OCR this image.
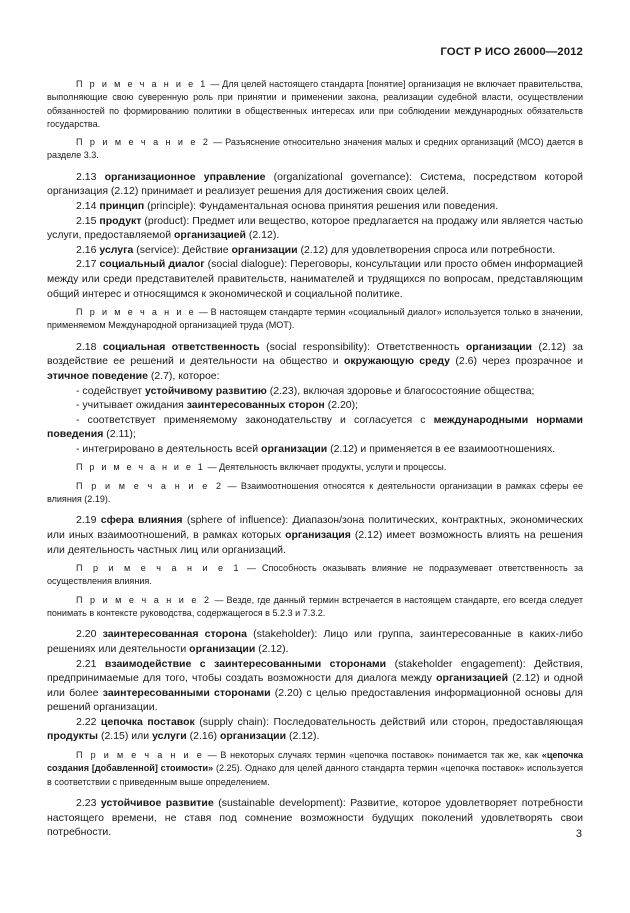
ГОСТ Р ИСО 26000—2012

П р и м е ч а н и е 1 — Для целей настоящего стандарта [понятие] организация не включает правительства, выполняющие свою суверенную роль при принятии и применении закона, реализации судебной власти, осуществлении обязанностей по формированию политики в общественных интересах или при соблюдении международных обязательств государства.

П р и м е ч а н и е 2 — Разъяснение относительно значения малых и средних организаций (МСО) дается в разделе 3.3.

2.13 организационное управление (organizational governance): Система, посредством которой организация (2.12) принимает и реализует решения для достижения своих целей.

2.14 принцип (principle): Фундаментальная основа принятия решения или поведения.

2.15 продукт (product): Предмет или вещество, которое предлагается на продажу или является частью услуги, предоставляемой организацией (2.12).

2.16 услуга (service): Действие организации (2.12) для удовлетворения спроса или потребности.

2.17 социальный диалог (social dialogue): Переговоры, консультации или просто обмен информацией между или среди представителей правительств, нанимателей и трудящихся по вопросам, представляющим общий интерес и относящимся к экономической и социальной политике.

П р и м е ч а н и е — В настоящем стандарте термин «социальный диалог» используется только в значении, применяемом Международной организацией труда (МОТ).

2.18 социальная ответственность (social responsibility): Ответственность организации (2.12) за воздействие ее решений и деятельности на общество и окружающую среду (2.6) через прозрачное и этичное поведение (2.7), которое:

- содействует устойчивому развитию (2.23), включая здоровье и благосостояние общества;

- учитывает ожидания заинтересованных сторон (2.20);

- соответствует применяемому законодательству и согласуется с международными нормами поведения (2.11);

- интегрировано в деятельность всей организации (2.12) и применяется в ее взаимоотношениях.

П р и м е ч а н и е 1 — Деятельность включает продукты, услуги и процессы.

П р и м е ч а н и е 2 — Взаимоотношения относятся к деятельности организации в рамках сферы ее влияния (2.19).

2.19 сфера влияния (sphere of influence): Диапазон/зона политических, контрактных, экономических или иных взаимоотношений, в рамках которых организация (2.12) имеет возможность влиять на решения или деятельность частных лиц или организаций.

П р и м е ч а н и е 1 — Способность оказывать влияние не подразумевает ответственность за осуществления влияния.

П р и м е ч а н и е 2 — Везде, где данный термин встречается в настоящем стандарте, его всегда следует понимать в контексте руководства, содержащегося в 5.2.3 и 7.3.2.

2.20 заинтересованная сторона (stakeholder): Лицо или группа, заинтересованные в каких-либо решениях или деятельности организации (2.12).

2.21 взаимодействие с заинтересованными сторонами (stakeholder engagement): Действия, предпринимаемые для того, чтобы создать возможности для диалога между организацией (2.12) и одной или более заинтересованными сторонами (2.20) с целью предоставления информационной основы для решений организации.

2.22 цепочка поставок (supply chain): Последовательность действий или сторон, предоставляющая продукты (2.15) или услуги (2.16) организации (2.12).

П р и м е ч а н и е — В некоторых случаях термин «цепочка поставок» понимается так же, как «цепочка создания [добавленной] стоимости» (2.25). Однако для целей данного стандарта термин «цепочка поставок» используется в соответствии с приведенным выше определением.

2.23 устойчивое развитие (sustainable development): Развитие, которое удовлетворяет потребности настоящего времени, не ставя под сомнение возможности будущих поколений удовлетворять свои потребности.	3
